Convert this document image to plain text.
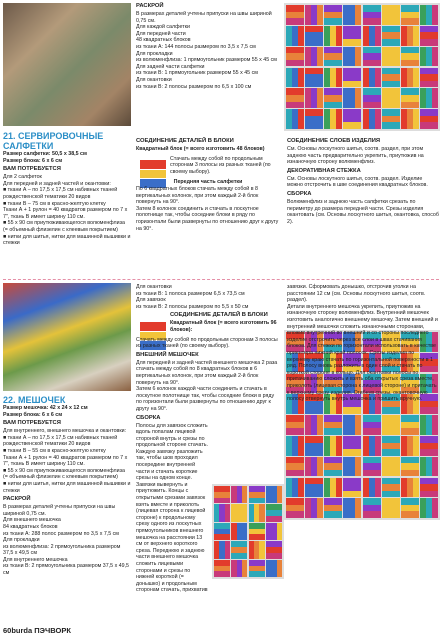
21. СЕРВИРОВОЧНЫЕ САЛФЕТКИ

Размер салфетки: 50,5 x 38,5 см
Размер блока: 6 x 6 см

ВАМ ПОТРЕБУЕТСЯ

Для 2 салфеток
Для передней и задней частей и окантовки:
■ ткани А – по 17,5 x 17,5 см набивных тканей рождественской тематики 20 видов
■ ткани В – 75 см в красно-желтую клетку
Ткани А + 1 рулон = 40 квадратов размером по 7 x 7", ткань В имеет ширину 110 см.
■ 55 x 90 см приутюживающегося волюменфлиза (= объемный флизелин с клеевым покрытием)
■ нитки для шитья, нитки для машинной вышивки и стежки

РАСКРОЙ

В размерах деталей учтены припуски на швы шириной 0,75 см.
Для каждой салфетки
Для передней части
48 квадратных блоков
из ткани А: 144 полосы размером по 3,5 x 7,5 см
Для прокладки
из волюменфлиза: 1 прямоугольник размером 55 x 45 см
Для задней части салфетки
из ткани В: 1 прямоугольник размером 55 x 45 см
Для окантовки
из ткани В: 2 полосы размером по 6,5 x 100 см

СОЕДИНЕНИЕ ДЕТАЛЕЙ В БЛОКИ

Квадратный блок (= всего изготовить 48 блоков)

Стачать между собой по продольным сторонам 3 полосы из разных тканей (по своему выбору).

Передняя часть салфетки

По 6 квадратных блоков стачать между собой в 8 вертикальных колонок, при этом каждый 2-й блок повернуть на 90°.
Затем 8 колонок соединить и стачать в лоскутное полотнище так, чтобы соседние блоки в ряду по горизонтали были развернуты по отношению друг к другу на 90°.

СОЕДИНЕНИЕ СЛОЕВ ИЗДЕЛИЯ

См. Основы лоскутного шитья, соотв. раздел, при этом заднюю часть предварительно укрепить, приутюжив на изнаночную сторону волюменфлиз.

ДЕКОРАТИВНАЯ СТЕЖКА

См. Основы лоскутного шитья, соотв. раздел. Изделие можно отстрочить в шве соединения квадратных блоков.

СБОРКА

Волюменфлиз и заднюю часть салфетки срезать по периметру до размера передней части. Срезы изделия окантовать (см. Основы лоскутного шитья, окантовка, способ 2).

22. МЕШОЧЕК

Размер мешочка: 42 x 24 x 12 см
Размер блока: 6 x 6 см

ВАМ ПОТРЕБУЕТСЯ

Для внутреннего, внешнего мешочка и окантовки:
■ ткани А – по 17,5 x 17,5 см набивных тканей рождественской тематики 20 видов
■ ткани В – 55 см в красно-желтую клетку
Ткани А + 1 рулон = 40 квадратов размером по 7 x 7", ткань В имеет ширину 110 см.
■ 55 x 90 см приутюживающегося волюменфлиза (= объемный флизелин с клеевым покрытием)
■ нитки для шитья, нитки для машинной вышивки и стежки

РАСКРОЙ

В размерах деталей учтены припуски на швы шириной 0,75 см.
Для внешнего мешочка
84 квадратных блоков
из ткани А: 288 полос размером по 3,5 x 7,5 см
Для прокладки
из волюменфлиза: 2 прямоугольника размером 37,5 x 49,5 см
Для внутреннего мешочка
из ткани В: 2 прямоугольника размером 37,5 x 49,5 см

Для окантовки
из ткани В: 1 полоса размером 6,5 x 73,5 см
Для завязок
из ткани В: 2 полосы размером по 5,5 x 50 см

СОЕДИНЕНИЕ ДЕТАЛЕЙ В БЛОКИ

Квадратный блок (= всего изготовить 96 блоков):

Стачать между собой по продольным сторонам 3 полосы из разных тканей (по своему выбору).

ВНЕШНИЙ МЕШОЧЕК

Для передней и задней частей внешнего мешочка 2 раза стачать между собой по 8 квадратных блоков в 6 вертикальных колонок, при этом каждый 2-й блок повернуть на 90°.
Затем 6 колонок каждой части соединить и стачать в лоскутное полотнище так, чтобы соседние блоки в ряду по горизонтали были развернуты по отношению друг к другу на 90°.

СБОРКА

Полосы для завязок сложить вдоль попалам лицевой стороной внутрь и срезы по продольной стороне стачать. Каждую завязку разложить так, чтобы шов проходил посередине внутренней части и стачать короткие срезы на одном конце. Завязки вывернуть и приутюжить. Концы с открытыми срезами завязок взять вместе и приколоть (лицевая сторона к лицевой стороне) к продольному срезу одного из лоскутных прямоугольников внешнего мешочка на расстоянии 13 см от верхнего короткого среза. Переднюю и заднюю части внешнего мешочка сложить лицевыми сторонами и срезы по нижней короткой (= донышко) и продольным сторонам стачать, прихватив

завязки. Сформовать донышко, отстрочив уголки на расстоянии 12 см (см. Основы лоскутного шитья, соотв. раздел).
Детали внутреннего мешочка укрепить, приутюжив на изнаночную сторону волюменфлиз. Внутренний мешочек изготовить аналогично внешнему мешочку. Затем внешний и внутренний мешочки сложить изнаночными сторонами, вложив внутренний во внешний и со стороны последнего изделие отстрочить через все слои в швах стачивания блоков. Для стежки по горизонтали использовать в качестве ориентира нижний край полосок. Срезы изделия по верхнему краю стачать по горизонтальной поверхности в 1 ряд. Полосу вновь разложить в один слой и стачать по короткой стороне в кольцо. Для окантовки полосы по притачиванию сложить и взять оба открытых среза вместе, приколоть (лицевая сторона к лицевой стороне) и притачать к верхнему срезу изделия. Огибнув срезы, окантовочную полосу отвернуть внутрь мешочка и пришить вручную.

60burda ПЭЧВОРК
